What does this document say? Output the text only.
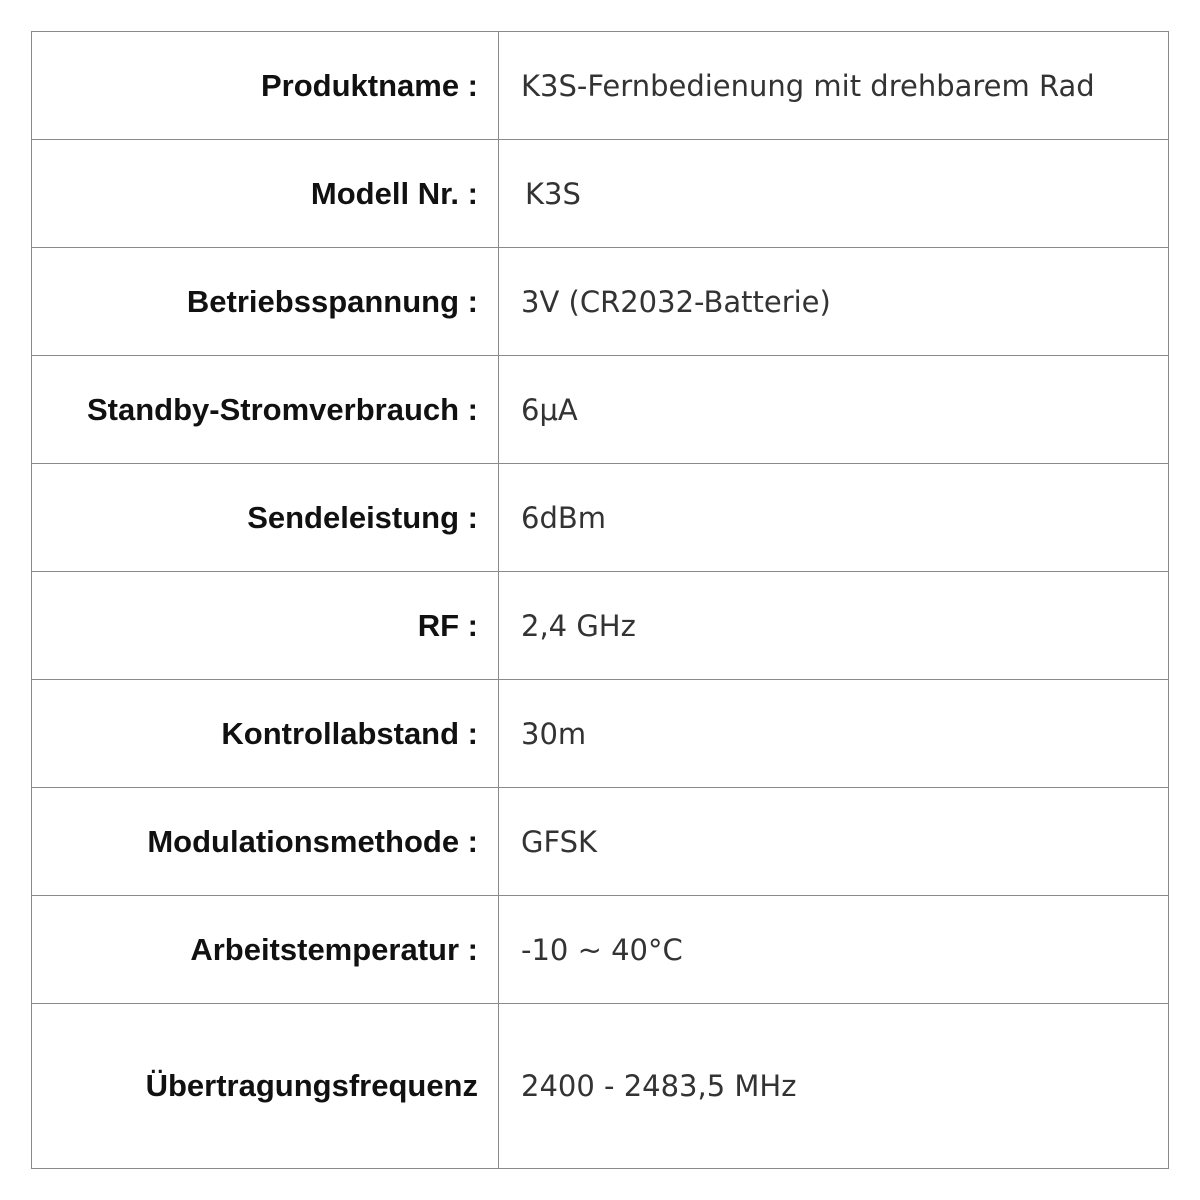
Produktname :	K3S-Fernbedienung mit drehbarem Rad
Modell Nr. :	K3S
Betriebsspannung :	3V (CR2032-Batterie)
Standby-Stromverbrauch :	6μA
Sendeleistung :	6dBm
RF :	2,4 GHz
Kontrollabstand :	30m
Modulationsmethode :	GFSK
Arbeitstemperatur :	-10 ~ 40°C
Übertragungsfrequenz	2400 - 2483,5 MHz
